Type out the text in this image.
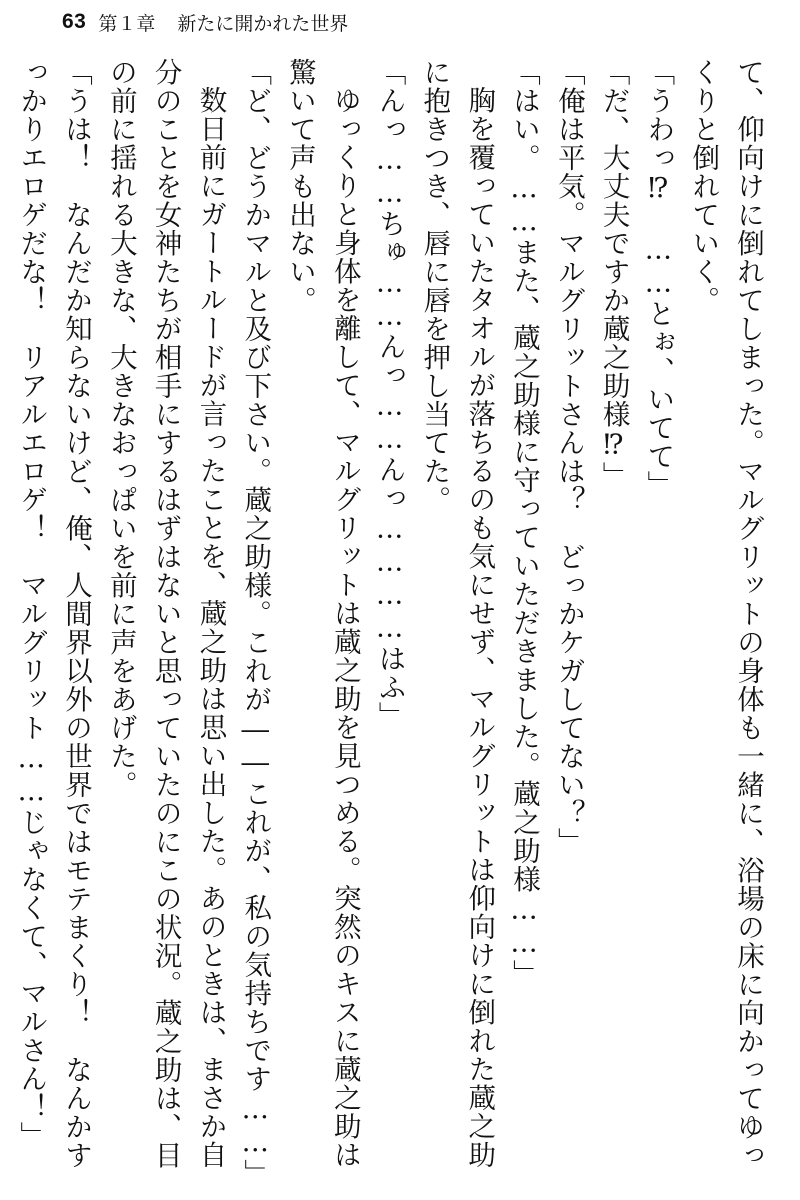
63 第１章 新たに開かれた世界

て、仰向けに倒れてしまった。マルグリットの身体も一緒に、浴場の床に向かってゆっくりと倒れていく。

「うわっ⁉　……とぉ、いてて」

「だ、大丈夫ですか蔵之助様⁉」

「俺は平気。マルグリットさんは？　どっかケガしてない？」

「はい。……また、蔵之助様に守っていただきました。蔵之助様……」

胸を覆っていたタオルが落ちるのも気にせず、マルグリットは仰向けに倒れた蔵之助に抱きつき、唇に唇を押し当てた。

「んっ……ちゅ……んっ……んっ…………はふ」

ゆっくりと身体を離して、マルグリットは蔵之助を見つめる。突然のキスに蔵之助は驚いて声も出ない。

「ど、どうかマルと及び下さい。蔵之助様。これが――これが、私の気持ちです……」

数日前にガートルードが言ったことを、蔵之助は思い出した。あのときは、まさか自分のことを女神たちが相手にするはずはないと思っていたのにこの状況。蔵之助は、目の前に揺れる大きな、大きなおっぱいを前に声をあげた。

「うは！　なんだか知らないけど、俺、人間界以外の世界ではモテまくり！　なんかすっかりエロゲだな！　リアルエロゲ！　マルグリット……じゃなくて、マルさん！」
